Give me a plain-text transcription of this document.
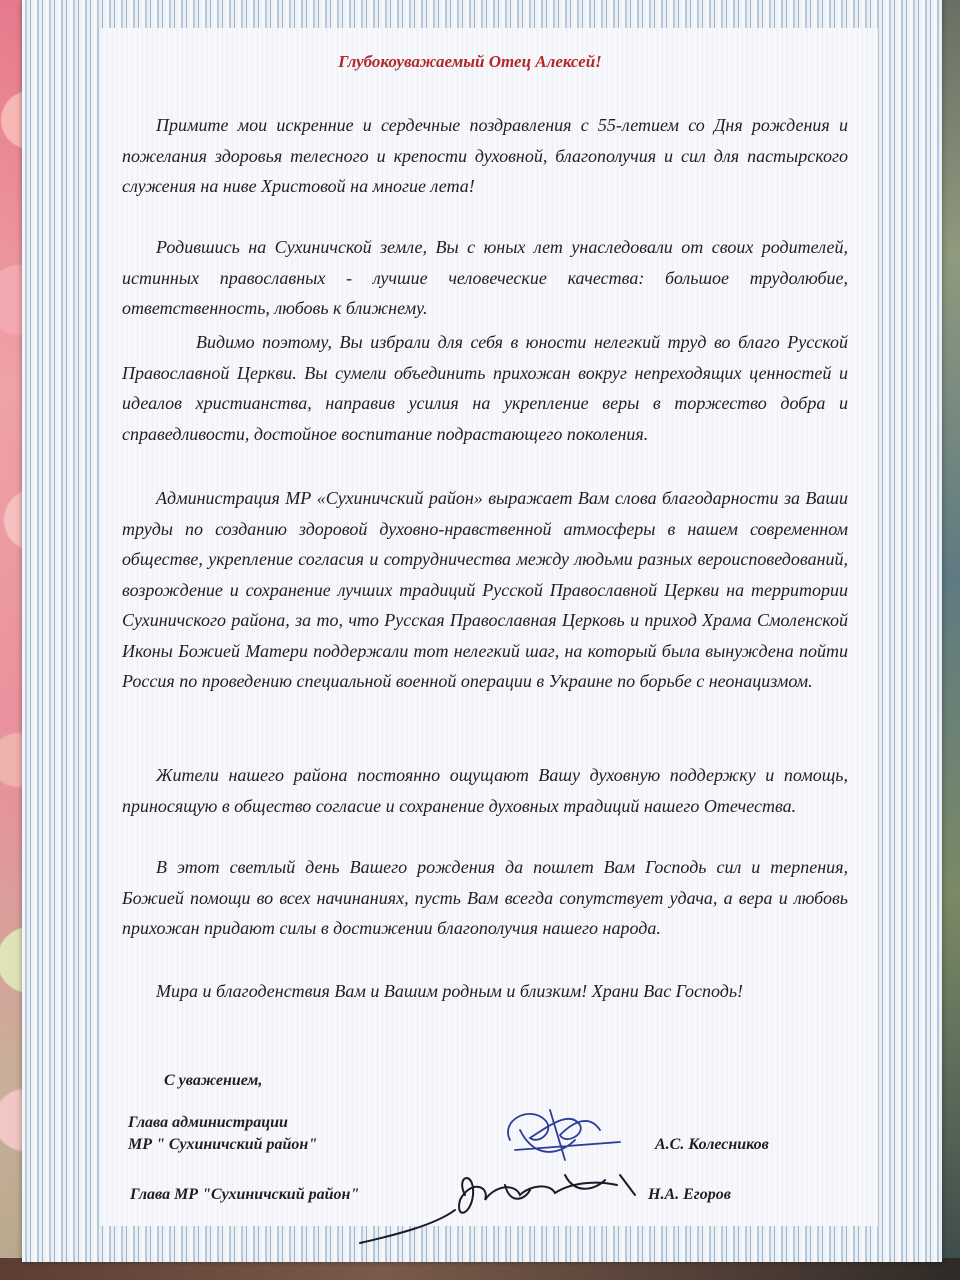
Глубокоуважаемый Отец Алексей!

Примите мои искренние и сердечные поздравления с 55-летием со Дня рождения и пожелания здоровья телесного и крепости духовной, благополучия и сил для пастырского служения на ниве Христовой на многие лета!

Родившись на Сухиничской земле, Вы с юных лет унаследовали от своих родителей, истинных православных - лучшие человеческие качества: большое трудолюбие, ответственность, любовь к ближнему.

Видимо поэтому, Вы избрали для себя в юности нелегкий труд во благо Русской Православной Церкви. Вы сумели объединить прихожан вокруг непреходящих ценностей и идеалов христианства, направив усилия на укрепление веры в торжество добра и справедливости, достойное воспитание подрастающего поколения.

Администрация МР «Сухиничский район» выражает Вам слова благодарности за Ваши труды по созданию здоровой духовно-нравственной атмосферы в нашем современном обществе, укрепление согласия и сотрудничества между людьми разных вероисповедований, возрождение и сохранение лучших традиций Русской Православной Церкви на территории Сухиничского района, за то, что Русская Православная Церковь и приход Храма Смоленской Иконы Божией Матери поддержали тот нелегкий шаг, на который была вынуждена пойти Россия по проведению специальной военной операции в Украине по борьбе с неонацизмом.

Жители нашего района постоянно ощущают Вашу духовную поддержку и помощь, приносящую в общество согласие и сохранение духовных традиций нашего Отечества.

В этот светлый день Вашего рождения да пошлет Вам Господь сил и терпения, Божией помощи во всех начинаниях, пусть Вам всегда сопутствует удача, а вера и любовь прихожан придают силы в достижении благополучия нашего народа.

Мира и благоденствия Вам и Вашим родным и близким! Храни Вас Господь!

С уважением,
Глава администрации
МР " Сухиничский район"	А.С. Колесников
Глава МР "Сухиничский район"	Н.А. Егоров
